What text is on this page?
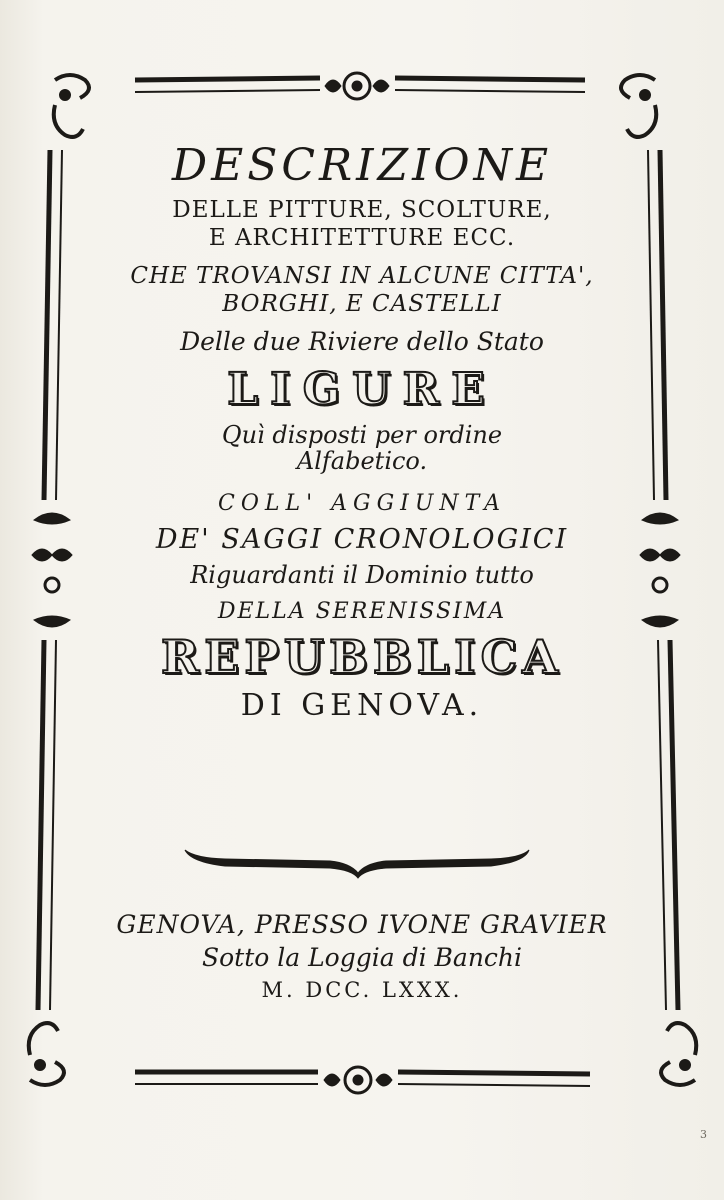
DESCRIZIONE
DELLE PITTURE, SCOLTURE,
E ARCHITETTURE ECC.
CHE TROVANSI IN ALCUNE CITTA',
BORGHI, E CASTELLI
Delle due Riviere dello Stato
LIGURE
Quì disposti per ordine
Alfabetico.
COLL' AGGIUNTA
DE' SAGGI CRONOLOGICI
Riguardanti il Dominio tutto
DELLA SERENISSIMA
REPUBBLICA
DI GENOVA.
GENOVA, PRESSO IVONE GRAVIER
Sotto la Loggia di Banchi
M. DCC. LXXX.
3
